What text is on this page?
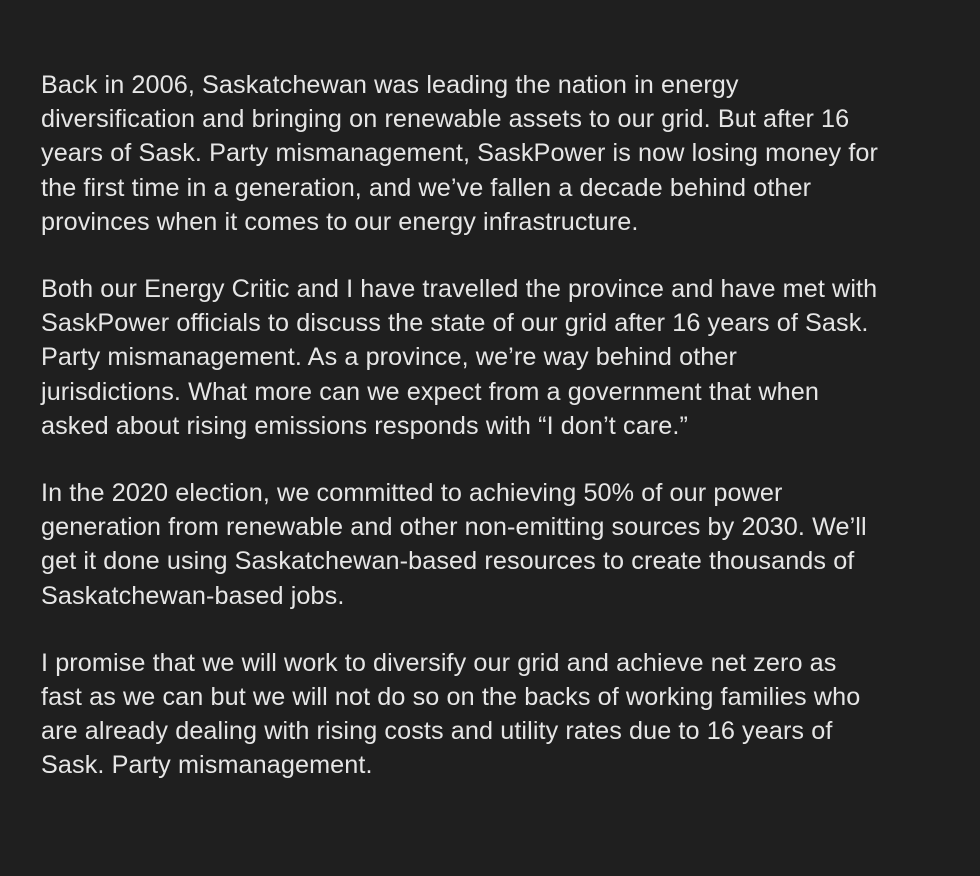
Back in 2006, Saskatchewan was leading the nation in energy
diversification and bringing on renewable assets to our grid. But after 16
years of Sask. Party mismanagement, SaskPower is now losing money for
the first time in a generation, and we’ve fallen a decade behind other
provinces when it comes to our energy infrastructure.

Both our Energy Critic and I have travelled the province and have met with
SaskPower officials to discuss the state of our grid after 16 years of Sask.
Party mismanagement. As a province, we’re way behind other
jurisdictions. What more can we expect from a government that when
asked about rising emissions responds with “I don’t care.”

In the 2020 election, we committed to achieving 50% of our power
generation from renewable and other non-emitting sources by 2030. We’ll
get it done using Saskatchewan-based resources to create thousands of
Saskatchewan-based jobs.

I promise that we will work to diversify our grid and achieve net zero as
fast as we can but we will not do so on the backs of working families who
are already dealing with rising costs and utility rates due to 16 years of
Sask. Party mismanagement.
